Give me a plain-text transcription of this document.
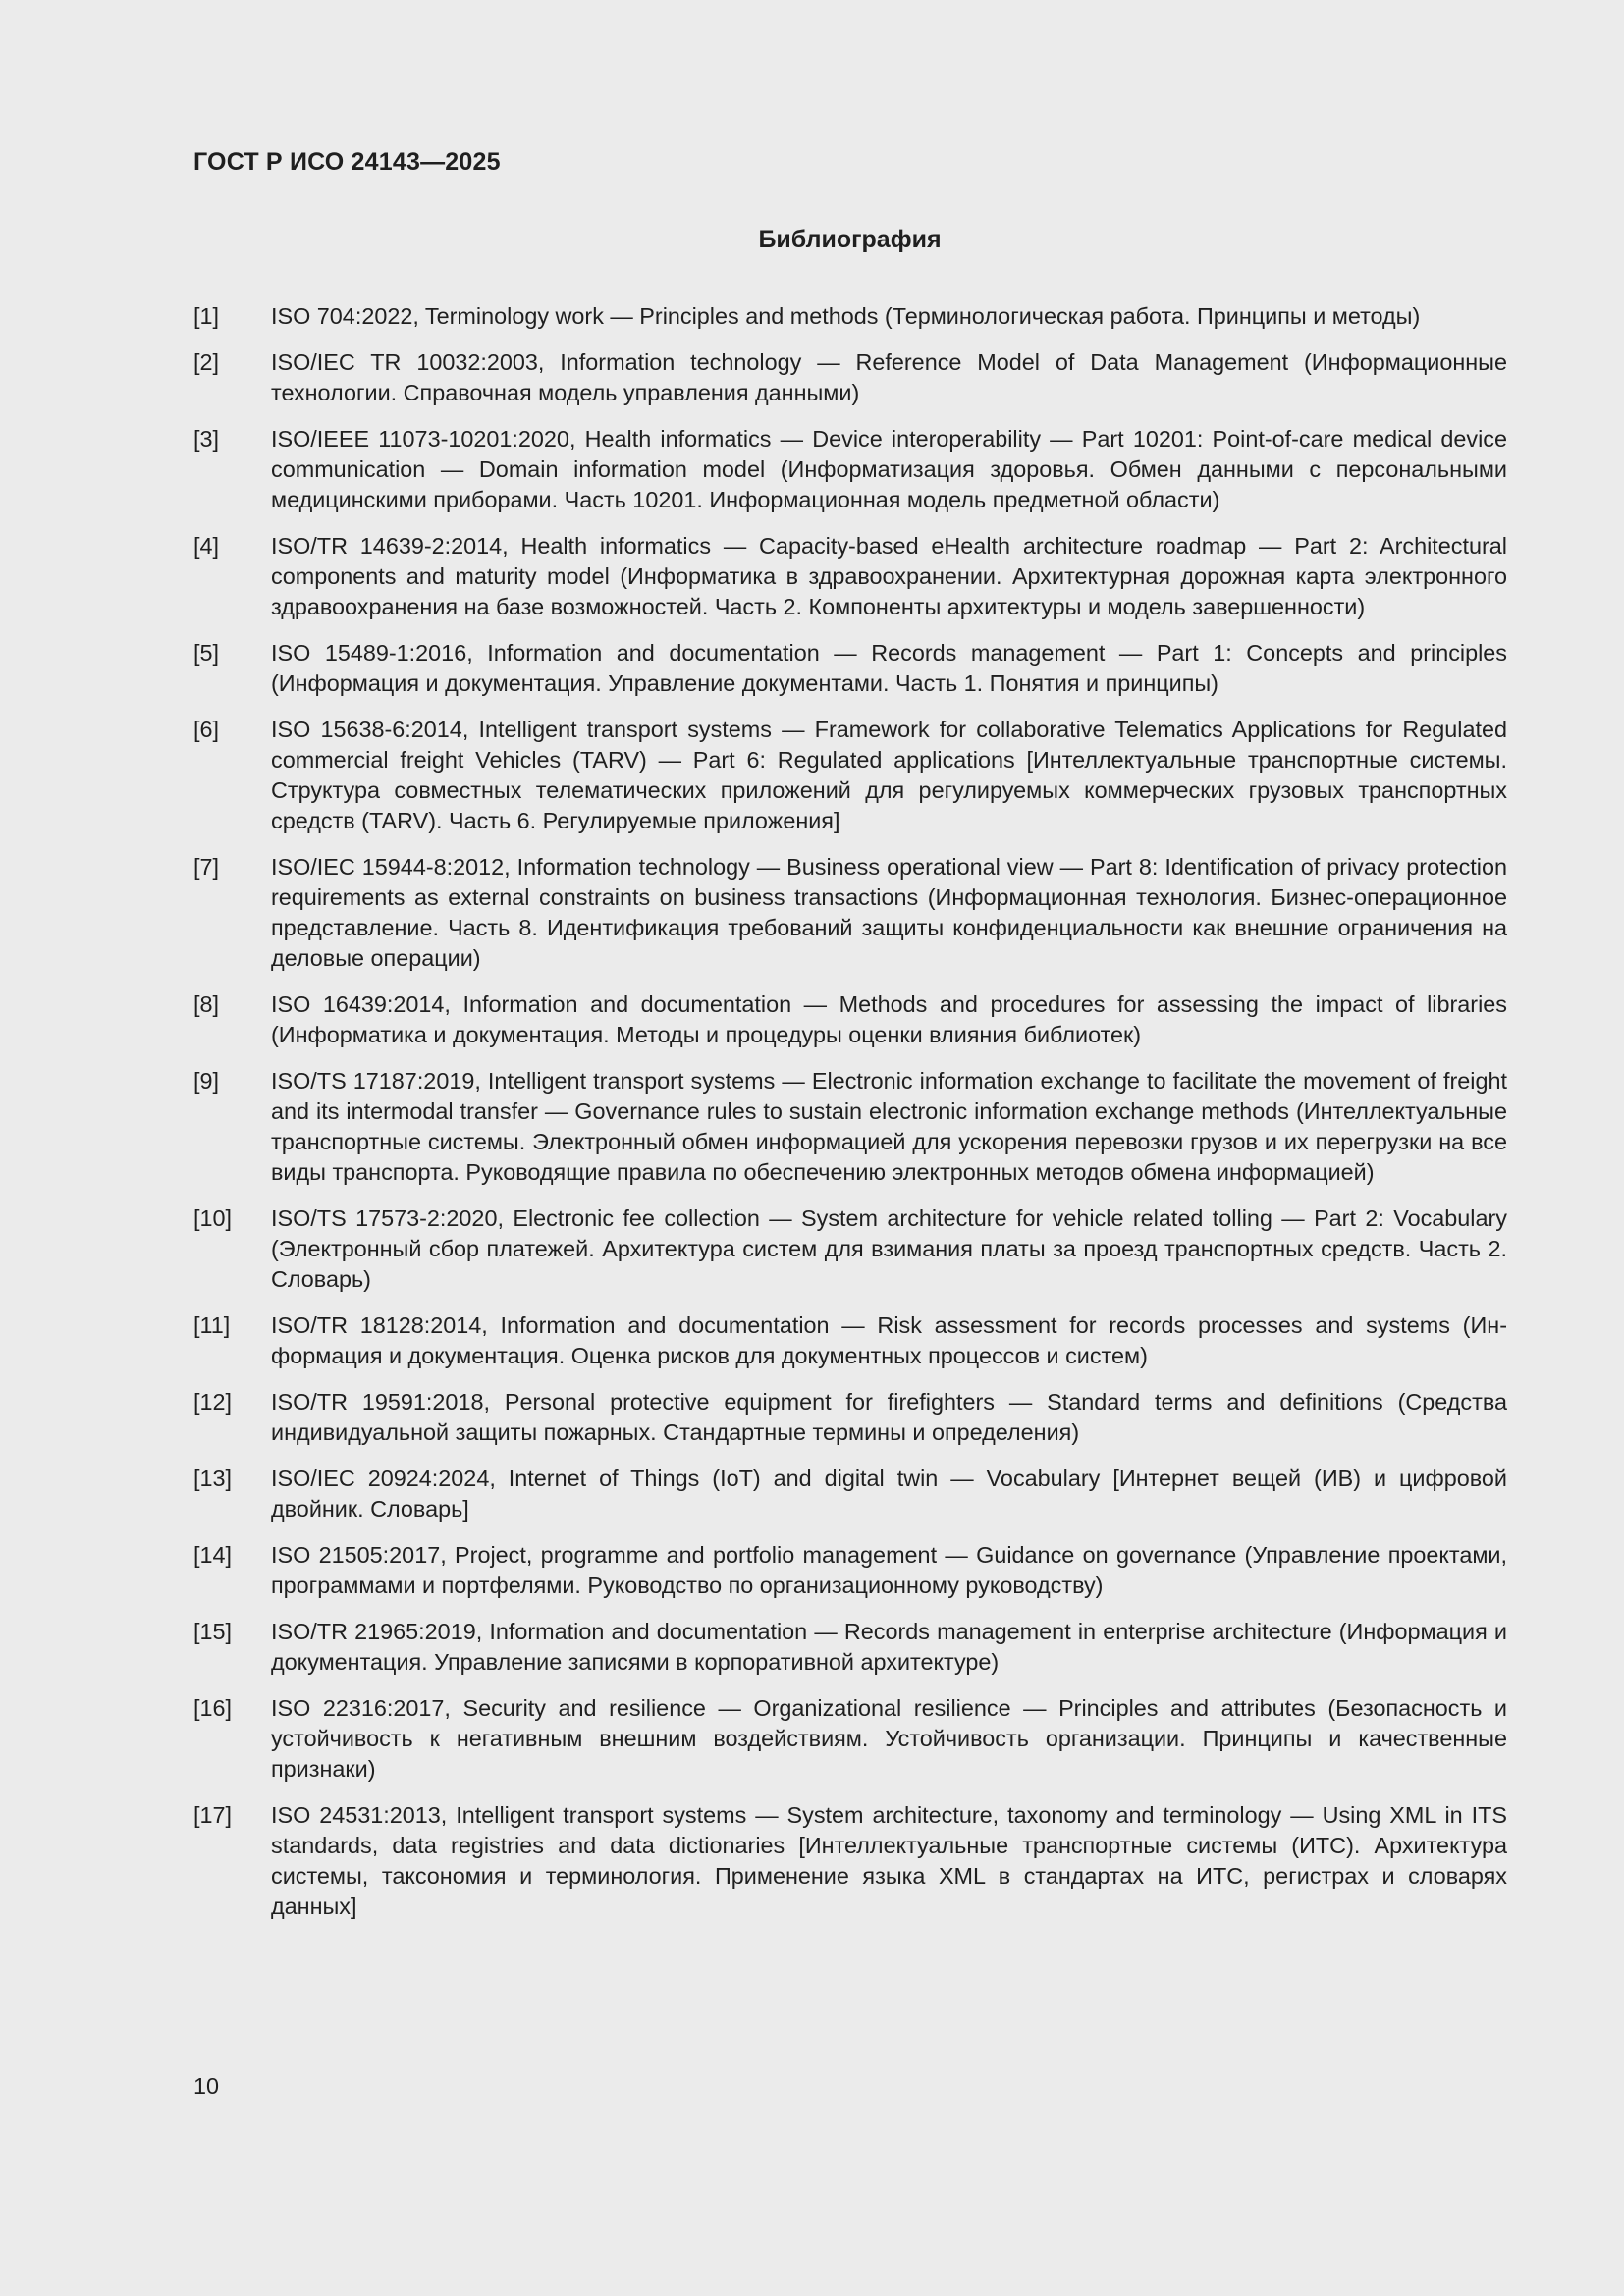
ГОСТ Р ИСО 24143—2025
Библиография
[1]	ISO 704:2022, Terminology work — Principles and methods (Терминологическая работа. Принципы и методы)
[2]	ISO/IEC TR 10032:2003, Information technology — Reference Model of Data Management (Информационные технологии. Справочная модель управления данными)
[3]	ISO/IEEE 11073-10201:2020, Health informatics — Device interoperability — Part 10201: Point-of-care medical device communication — Domain information model (Информатизация здоровья. Обмен данными с персональными медицинскими приборами. Часть 10201. Информационная модель предметной области)
[4]	ISO/TR 14639-2:2014, Health informatics — Capacity-based eHealth architecture roadmap — Part 2: Architectural components and maturity model (Информатика в здравоохранении. Архитектурная дорожная карта электронного здравоохранения на базе возможностей. Часть 2. Компоненты архитектуры и модель завершенности)
[5]	ISO 15489-1:2016, Information and documentation — Records management — Part 1: Concepts and principles (Информация и документация. Управление документами. Часть 1. Понятия и принципы)
[6]	ISO 15638-6:2014, Intelligent transport systems — Framework for collaborative Telematics Applications for Regulated commercial freight Vehicles (TARV) — Part 6: Regulated applications [Интеллектуальные транспортные системы. Структура совместных телематических приложений для регулируемых коммерческих грузовых транспортных средств (TARV). Часть 6. Регулируемые приложения]
[7]	ISO/IEC 15944-8:2012, Information technology — Business operational view — Part 8: Identification of privacy protection requirements as external constraints on business transactions (Информационная технология. Бизнес-операционное представление. Часть 8. Идентификация требований защиты конфиденциальности как внешние ограничения на деловые операции)
[8]	ISO 16439:2014, Information and documentation — Methods and procedures for assessing the impact of libraries (Информатика и документация. Методы и процедуры оценки влияния библиотек)
[9]	ISO/TS 17187:2019, Intelligent transport systems — Electronic information exchange to facilitate the movement of freight and its intermodal transfer — Governance rules to sustain electronic information exchange methods (Интеллектуальные транспортные системы. Электронный обмен информацией для ускорения перевозки грузов и их перегрузки на все виды транспорта. Руководящие правила по обеспечению электронных методов обмена информацией)
[10]	ISO/TS 17573-2:2020, Electronic fee collection — System architecture for vehicle related tolling — Part 2: Vocabulary (Электронный сбор платежей. Архитектура систем для взимания платы за проезд транспортных средств. Часть 2. Словарь)
[11]	ISO/TR 18128:2014, Information and documentation — Risk assessment for records processes and systems (Информация и документация. Оценка рисков для документных процессов и систем)
[12]	ISO/TR 19591:2018, Personal protective equipment for firefighters — Standard terms and definitions (Средства индивидуальной защиты пожарных. Стандартные термины и определения)
[13]	ISO/IEC 20924:2024, Internet of Things (IoT) and digital twin — Vocabulary [Интернет вещей (ИВ) и цифровой двойник. Словарь]
[14]	ISO 21505:2017, Project, programme and portfolio management — Guidance on governance (Управление проектами, программами и портфелями. Руководство по организационному руководству)
[15]	ISO/TR 21965:2019, Information and documentation — Records management in enterprise architecture (Информация и документация. Управление записями в корпоративной архитектуре)
[16]	ISO 22316:2017, Security and resilience — Organizational resilience — Principles and attributes (Безопасность и устойчивость к негативным внешним воздействиям. Устойчивость организации. Принципы и качественные признаки)
[17]	ISO 24531:2013, Intelligent transport systems — System architecture, taxonomy and terminology — Using XML in ITS standards, data registries and data dictionaries [Интеллектуальные транспортные системы (ИТС). Архитектура системы, таксономия и терминология. Применение языка XML в стандартах на ИТС, регистрах и словарях данных]
10
